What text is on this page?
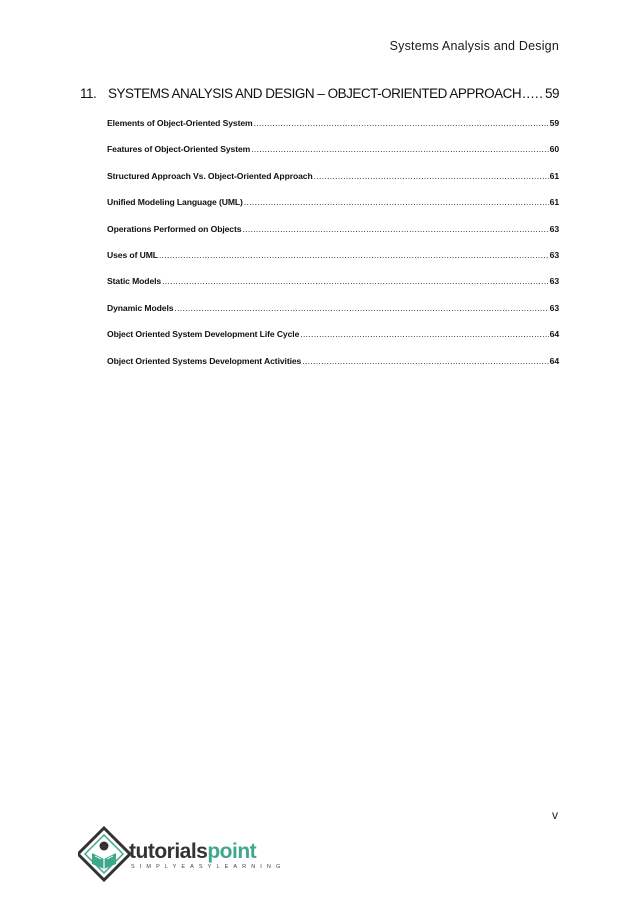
Systems Analysis and Design
11. SYSTEMS ANALYSIS AND DESIGN – OBJECT-ORIENTED APPROACH ..... 59
Elements of Object-Oriented System .....	59
Features of Object-Oriented System .....	60
Structured Approach Vs. Object-Oriented Approach .....	61
Unified Modeling Language (UML) .....	61
Operations Performed on Objects .....	63
Uses of UML .....	63
Static Models .....	63
Dynamic Models .....	63
Object Oriented System Development Life Cycle .....	64
Object Oriented Systems Development Activities .....	64
v
tutorialspoint
SIMPLYEASYLEARNING
